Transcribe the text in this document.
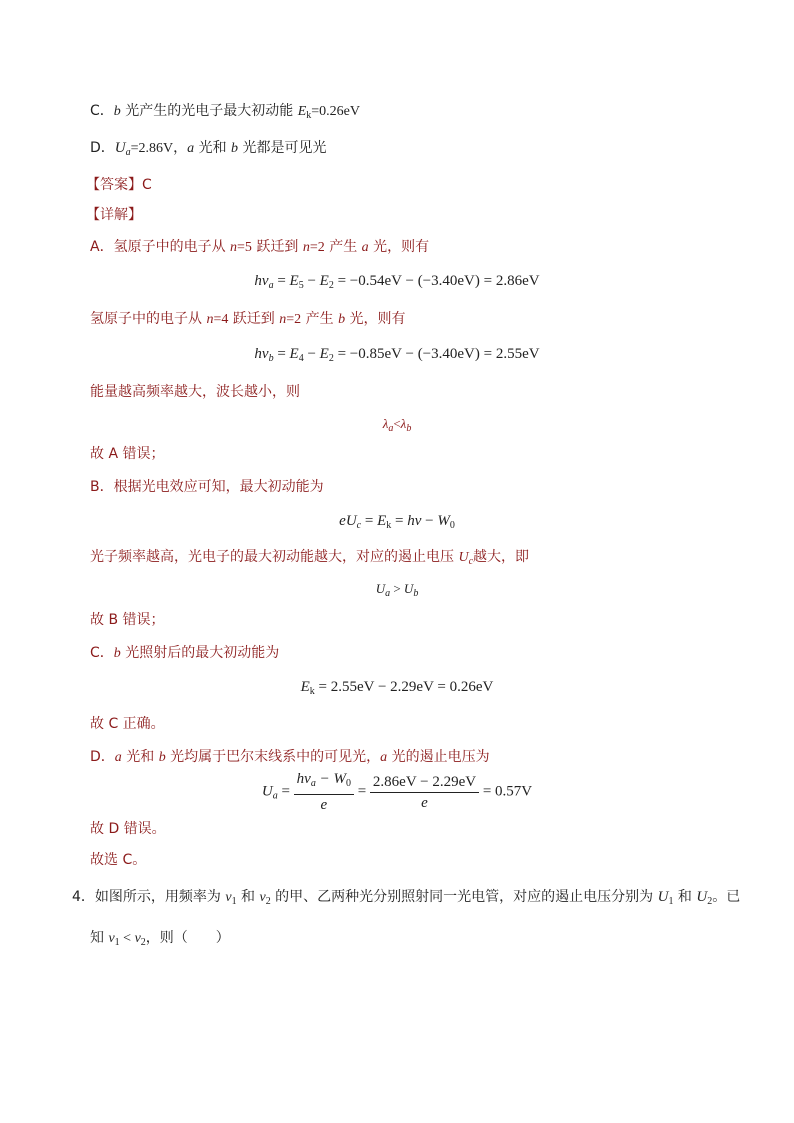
C．b 光产生的光电子最大初动能 $E_k=0.26eV$
D．$U_a=2.86V$，a 光和 b 光都是可见光
【答案】C
【详解】
A．氢原子中的电子从 n=5 跃迁到 n=2 产生 a 光，则有
$h\nu_a = E_5 - E_2 = -0.54eV - (-3.40eV) = 2.86eV$
氢原子中的电子从 n=4 跃迁到 n=2 产生 b 光，则有
$h\nu_b = E_4 - E_2 = -0.85eV - (-3.40eV) = 2.55eV$
能量越高频率越大，波长越小，则
$\lambda_a<\lambda_b$
故 A 错误；
B．根据光电效应可知，最大初动能为
$eU_c = E_k = h\nu - W_0$
光子频率越高，光电子的最大初动能越大，对应的遏止电压 $U_c$越大，即
$U_a > U_b$
故 B 错误；
C．b 光照射后的最大初动能为
$E_k = 2.55eV - 2.29eV = 0.26eV$
故 C 正确。
D．a 光和 b 光均属于巴尔末线系中的可见光，a 光的遏止电压为
$U_a = \frac{h\nu_a - W_0}{e} = \frac{2.86eV - 2.29eV}{e} = 0.57V$
故 D 错误。
故选 C。
4．如图所示，用频率为 $\nu_1$ 和 $\nu_2$ 的甲、乙两种光分别照射同一光电管，对应的遏止电压分别为 $U_1$ 和 $U_2$。已
知 $\nu_1 < \nu_2$，则（　　）
